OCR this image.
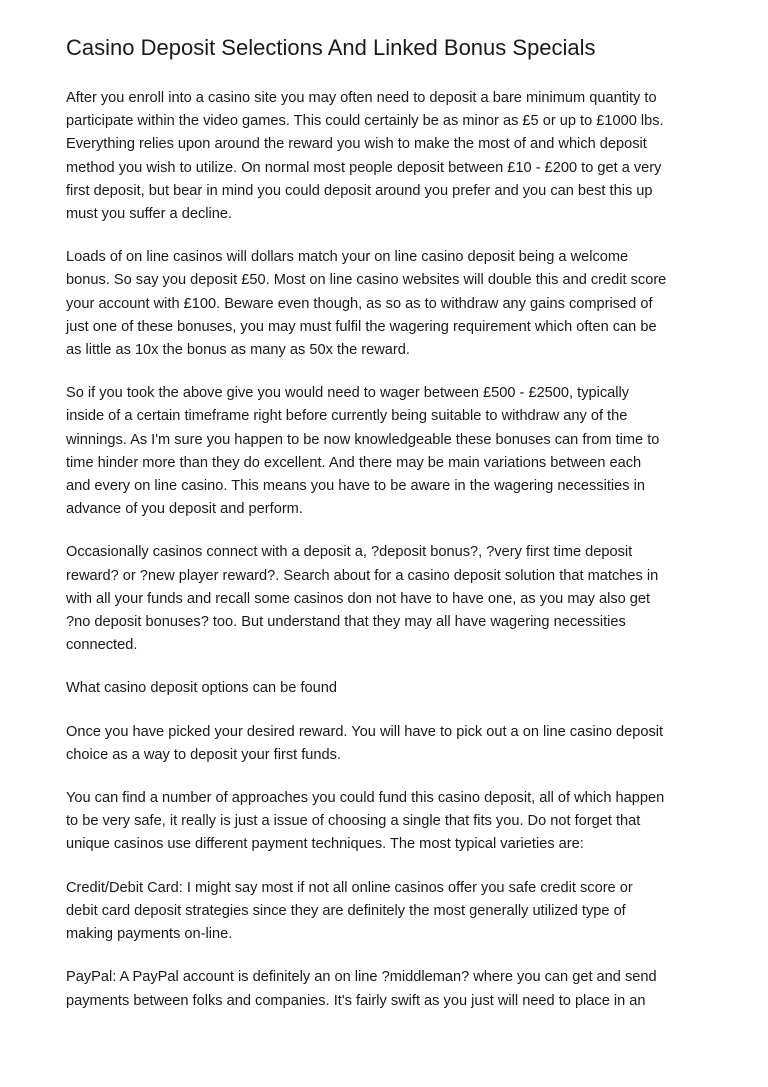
Casino Deposit Selections And Linked Bonus Specials

After you enroll into a casino site you may often need to deposit a bare minimum quantity to
participate within the video games. This could certainly be as minor as £5 or up to £1000 lbs.
Everything relies upon around the reward you wish to make the most of and which deposit
method you wish to utilize. On normal most people deposit between £10 - £200 to get a very
first deposit, but bear in mind you could deposit around you prefer and you can best this up
must you suffer a decline.

Loads of on line casinos will dollars match your on line casino deposit being a welcome
bonus. So say you deposit £50. Most on line casino websites will double this and credit score
your account with £100. Beware even though, as so as to withdraw any gains comprised of
just one of these bonuses, you may must fulfil the wagering requirement which often can be
as little as 10x the bonus as many as 50x the reward.

So if you took the above give you would need to wager between £500 - £2500, typically
inside of a certain timeframe right before currently being suitable to withdraw any of the
winnings. As I'm sure you happen to be now knowledgeable these bonuses can from time to
time hinder more than they do excellent. And there may be main variations between each
and every on line casino. This means you have to be aware in the wagering necessities in
advance of you deposit and perform.

Occasionally casinos connect with a deposit a, ?deposit bonus?, ?very first time deposit
reward? or ?new player reward?. Search about for a casino deposit solution that matches in
with all your funds and recall some casinos don not have to have one, as you may also get
?no deposit bonuses? too. But understand that they may all have wagering necessities
connected.

What casino deposit options can be found

Once you have picked your desired reward. You will have to pick out a on line casino deposit
choice as a way to deposit your first funds.

You can find a number of approaches you could fund this casino deposit, all of which happen
to be very safe, it really is just a issue of choosing a single that fits you. Do not forget that
unique casinos use different payment techniques. The most typical varieties are:

Credit/Debit Card: I might say most if not all online casinos offer you safe credit score or
debit card deposit strategies since they are definitely the most generally utilized type of
making payments on-line.

PayPal: A PayPal account is definitely an on line ?middleman? where you can get and send
payments between folks and companies. It's fairly swift as you just will need to place in an
